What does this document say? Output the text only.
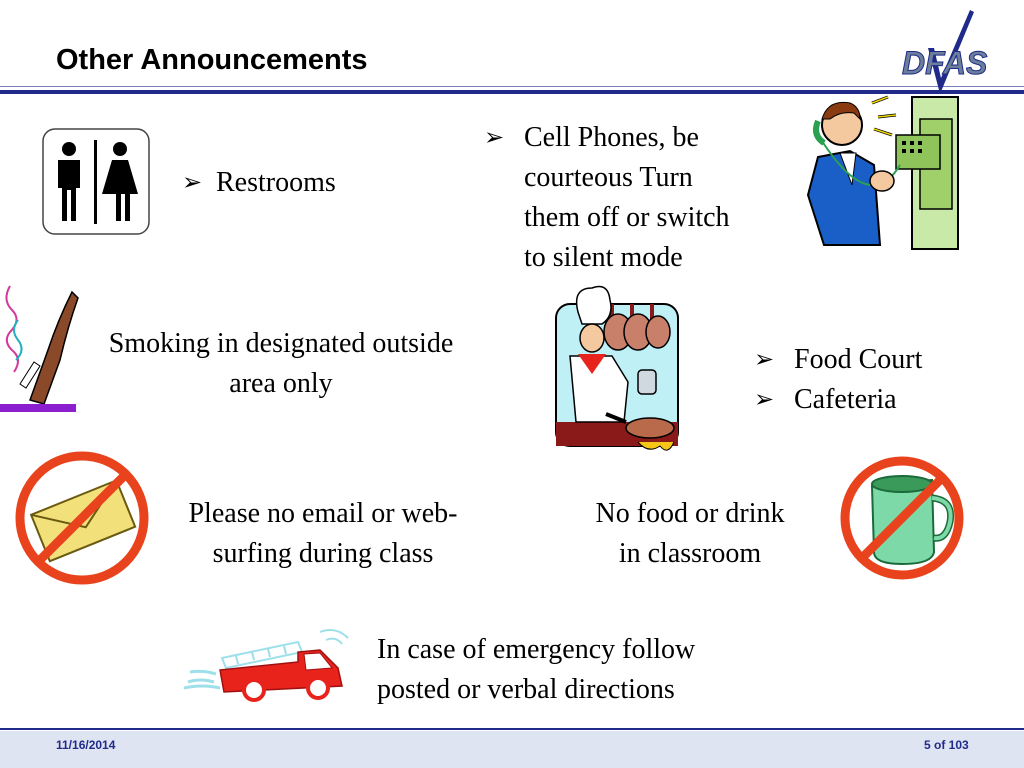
Other Announcements	DFAS
➢ Restrooms
➢ Cell Phones, be
courteous Turn
them off or switch
to silent mode
Smoking in designated outside
area only
➢ Food Court
➢ Cafeteria
Please no email or web-
surfing during class
No food or drink
in classroom
In case of emergency follow
posted or verbal directions
11/16/2014	5 of 103
